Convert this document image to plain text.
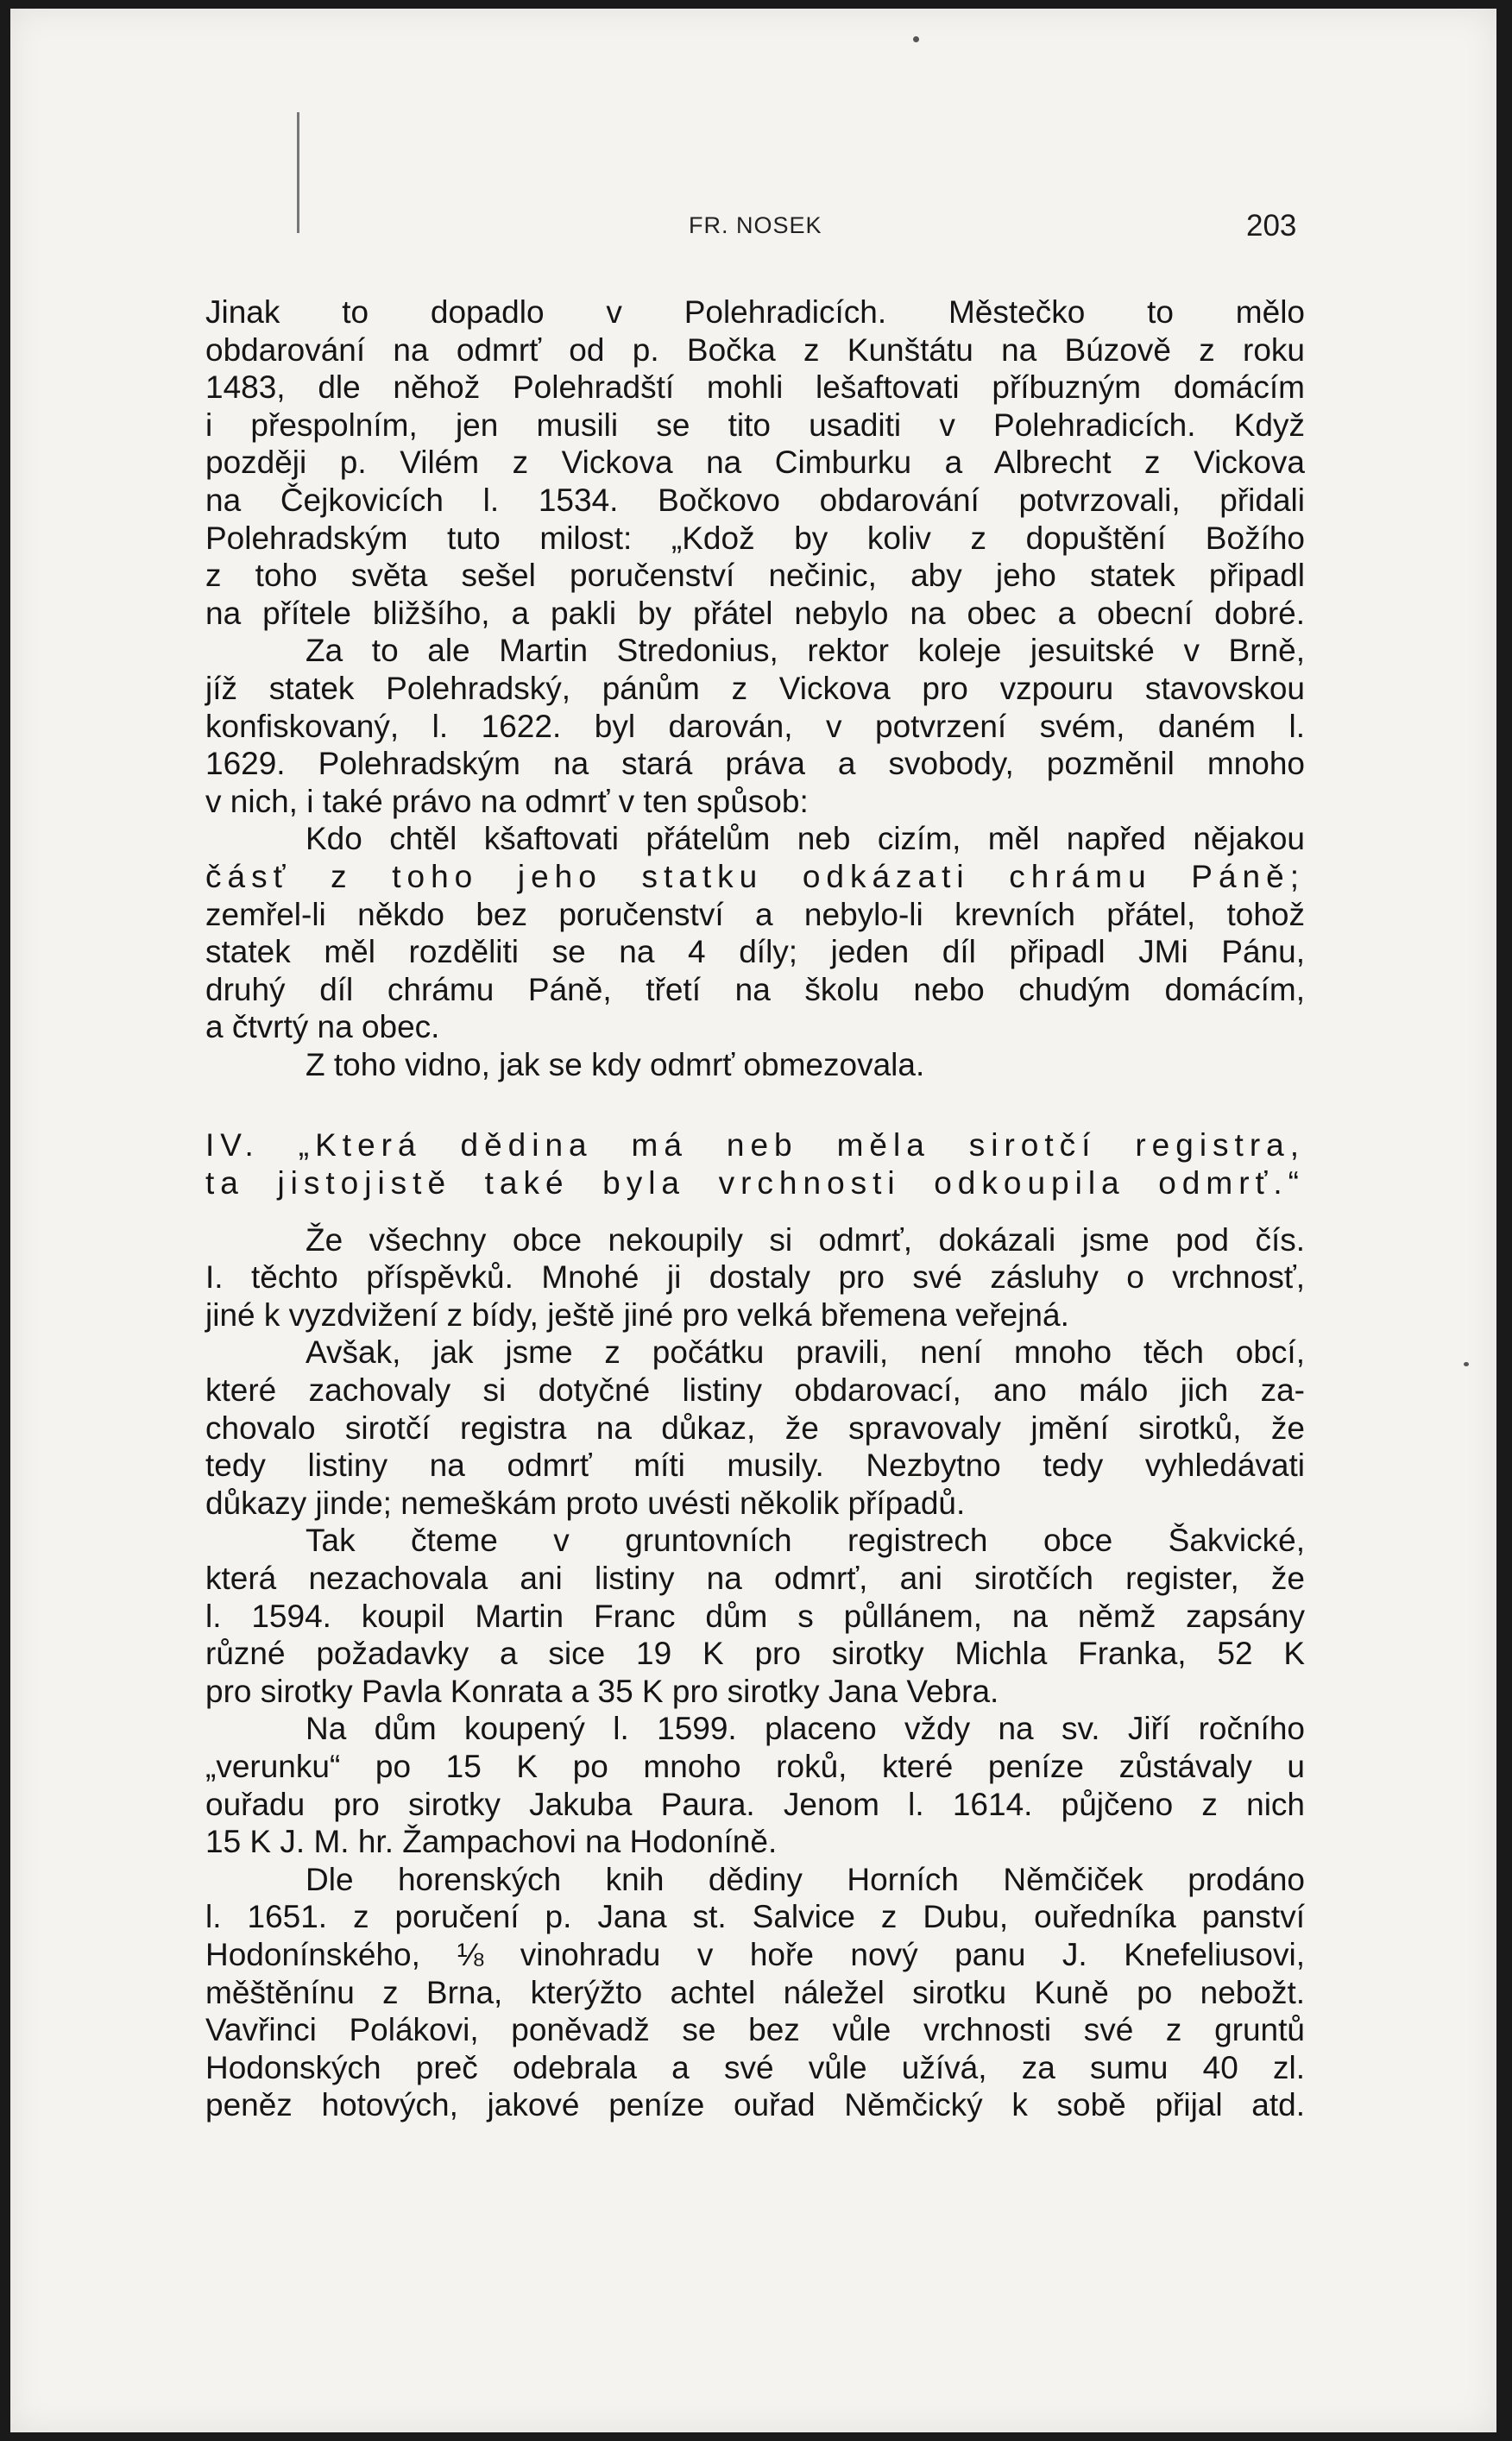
FR. NOSEK	203
Jinak to dopadlo v Polehradicích. Městečko to mělo
obdarování na odmrť od p. Bočka z Kunštátu na Búzově z roku
1483, dle něhož Polehradští mohli lešaftovati příbuzným domácím
i přespolním, jen musili se tito usaditi v Polehradicích. Když
později p. Vilém z Vickova na Cimburku a Albrecht z Vickova
na Čejkovicích l. 1534. Bočkovo obdarování potvrzovali, přidali
Polehradským tuto milost: „Kdož by koliv z dopuštění Božího
z toho světa sešel poručenství nečinic, aby jeho statek připadl
na přítele bližšího, a pakli by přátel nebylo na obec a obecní dobré.
Za to ale Martin Stredonius, rektor koleje jesuitské v Brně,
jíž statek Polehradský, pánům z Vickova pro vzpouru stavovskou
konfiskovaný, l. 1622. byl darován, v potvrzení svém, daném l.
1629. Polehradským na stará práva a svobody, pozměnil mnoho
v nich, i také právo na odmrť v ten spůsob:
Kdo chtěl kšaftovati přátelům neb cizím, měl napřed nějakou
čásť z toho jeho statku odkázati chrámu Páně;
zemřel-li někdo bez poručenství a nebylo-li krevních přátel, tohož
statek měl rozděliti se na 4 díly; jeden díl připadl JMi Pánu,
druhý díl chrámu Páně, třetí na školu nebo chudým domácím,
a čtvrtý na obec.
Z toho vidno, jak se kdy odmrť obmezovala.
IV. „Která dědina má neb měla sirotčí registra,
ta jistojistě také byla vrchnosti odkoupila odmrť.“
Že všechny obce nekoupily si odmrť, dokázali jsme pod čís.
I. těchto příspěvků. Mnohé ji dostaly pro své zásluhy o vrchnosť,
jiné k vyzdvižení z bídy, ještě jiné pro velká břemena veřejná.
Avšak, jak jsme z počátku pravili, není mnoho těch obcí,
které zachovaly si dotyčné listiny obdarovací, ano málo jich za-
chovalo sirotčí registra na důkaz, že spravovaly jmění sirotků, že
tedy listiny na odmrť míti musily. Nezbytno tedy vyhledávati
důkazy jinde; nemeškám proto uvésti několik případů.
Tak čteme v gruntovních registrech obce Šakvické,
která nezachovala ani listiny na odmrť, ani sirotčích register, že
l. 1594. koupil Martin Franc dům s půllánem, na němž zapsány
různé požadavky a sice 19 K pro sirotky Michla Franka, 52 K
pro sirotky Pavla Konrata a 35 K pro sirotky Jana Vebra.
Na dům koupený l. 1599. placeno vždy na sv. Jiří ročního
„verunku“ po 15 K po mnoho roků, které peníze zůstávaly u
ouřadu pro sirotky Jakuba Paura. Jenom l. 1614. půjčeno z nich
15 K J. M. hr. Žampachovi na Hodoníně.
Dle horenských knih dědiny Horních Němčiček prodáno
l. 1651. z poručení p. Jana st. Salvice z Dubu, ouředníka panství
Hodonínského, ⅛ vinohradu v hoře nový panu J. Knefeliusovi,
měštěnínu z Brna, kterýžto achtel náležel sirotku Kuně po nebožt.
Vavřinci Polákovi, poněvadž se bez vůle vrchnosti své z gruntů
Hodonských preč odebrala a své vůle užívá, za sumu 40 zl.
peněz hotových, jakové peníze ouřad Němčický k sobě přijal atd.
